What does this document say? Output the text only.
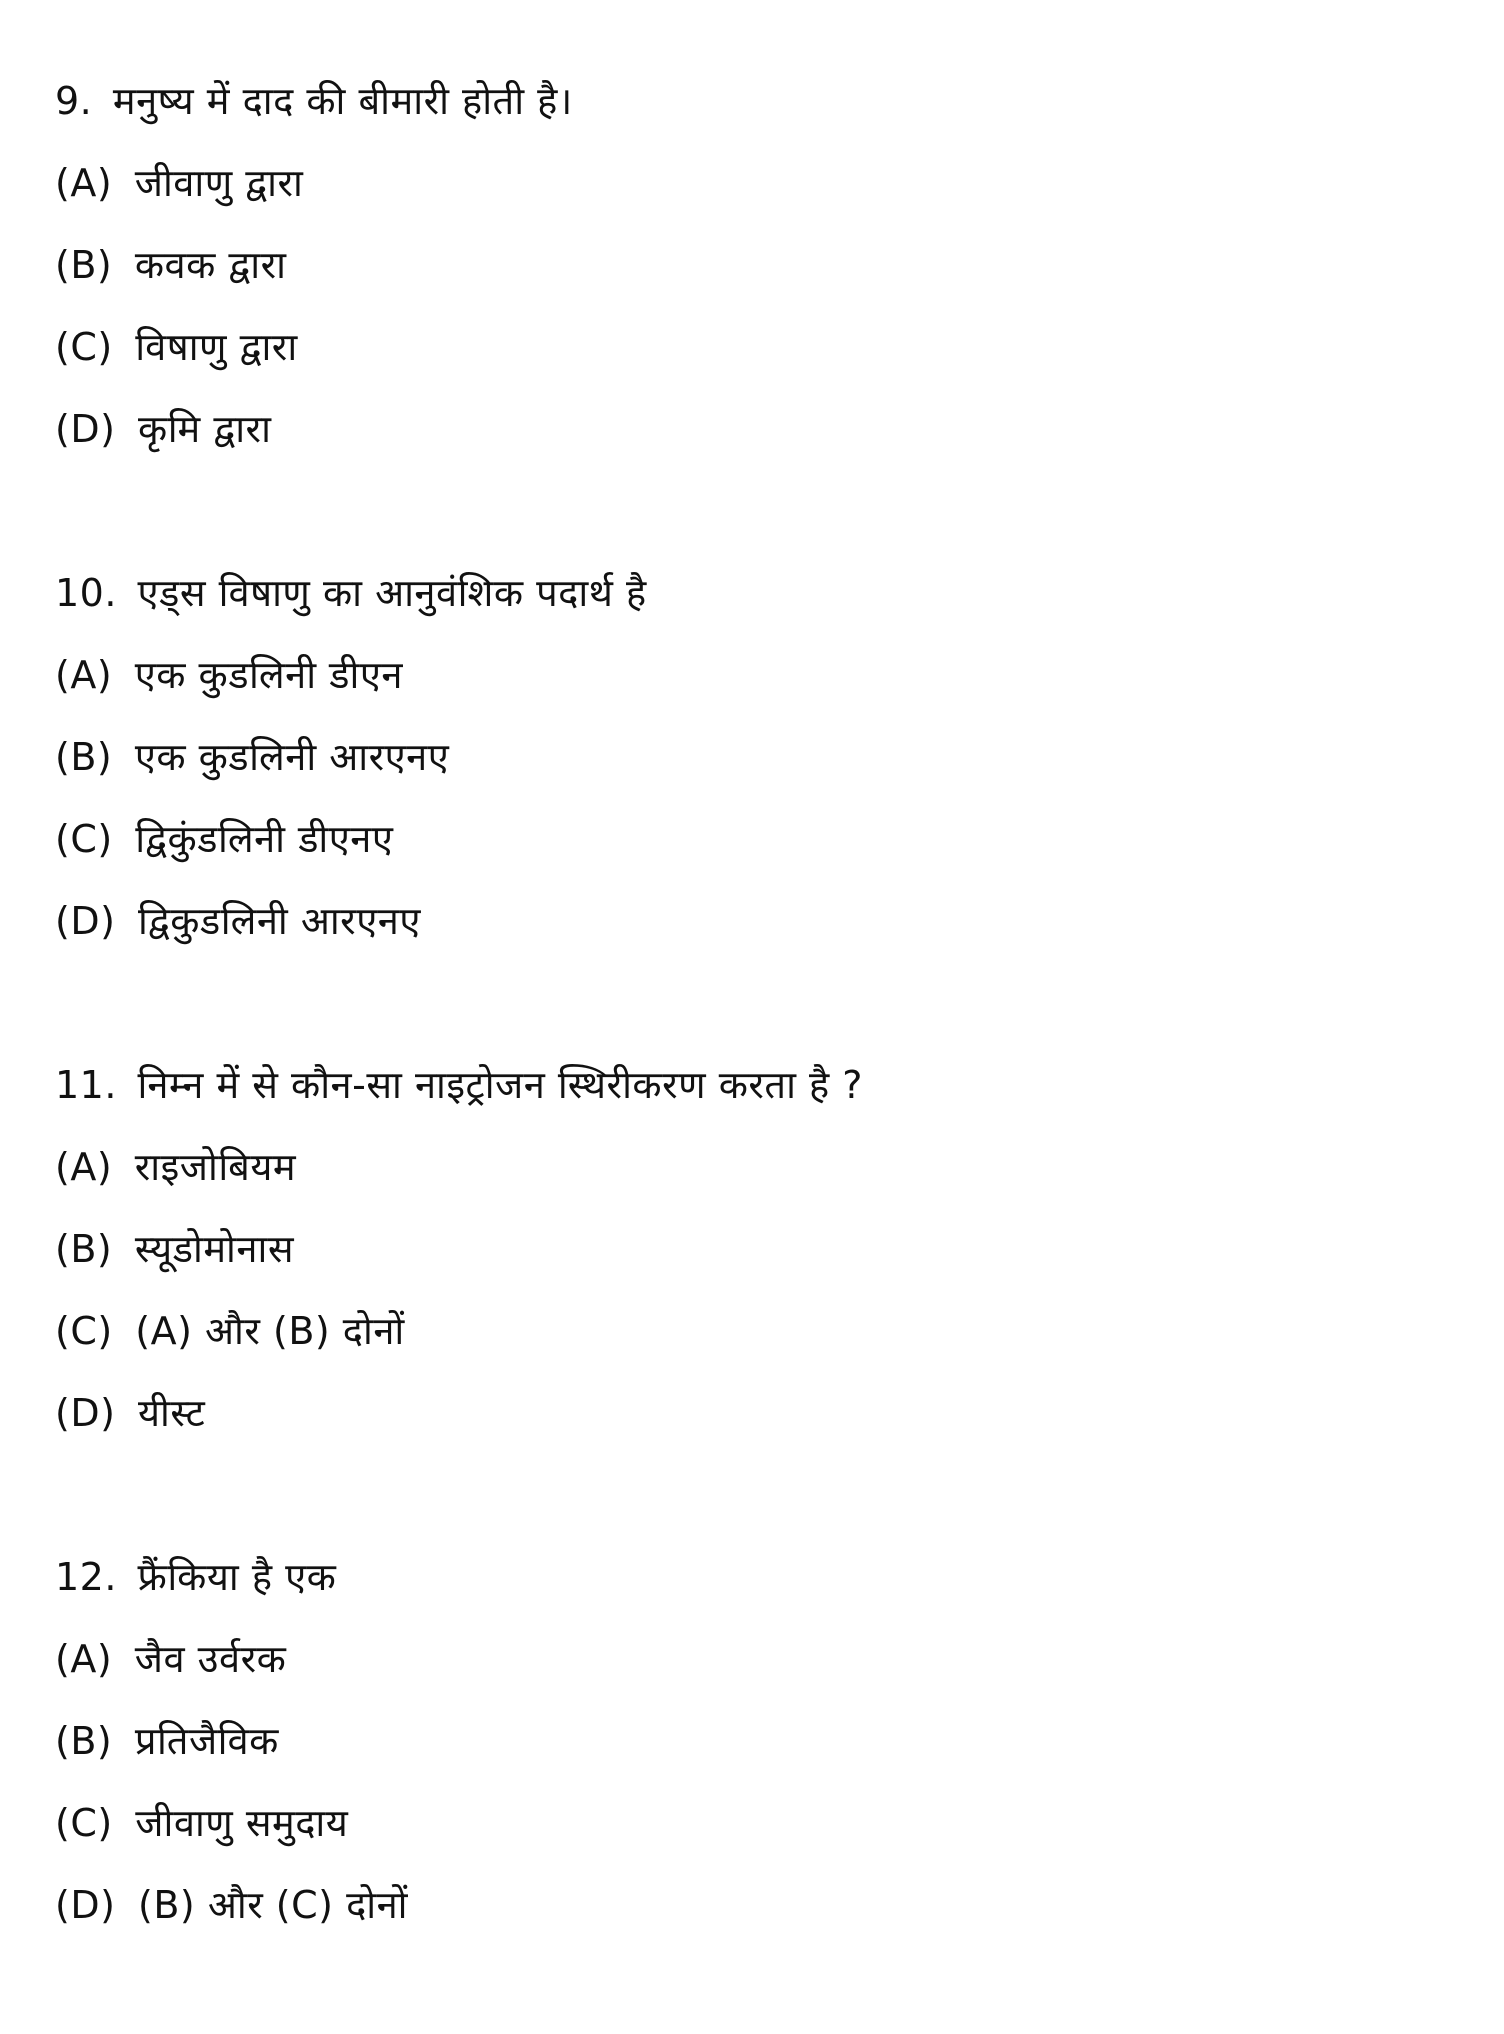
9. मनुष्य में दाद की बीमारी होती है।
(A) जीवाणु द्वारा
(B) कवक द्वारा
(C) विषाणु द्वारा
(D) कृमि द्वारा
10. एड्स विषाणु का आनुवंशिक पदार्थ है
(A) एक कुडलिनी डीएन
(B) एक कुडलिनी आरएनए
(C) द्विकुंडलिनी डीएनए
(D) द्विकुडलिनी आरएनए
11. निम्न में से कौन-सा नाइट्रोजन स्थिरीकरण करता है ?
(A) राइजोबियम
(B) स्यूडोमोनास
(C) (A) और (B) दोनों
(D) यीस्ट
12. फ्रैंकिया है एक
(A) जैव उर्वरक
(B) प्रतिजैविक
(C) जीवाणु समुदाय
(D) (B) और (C) दोनों
